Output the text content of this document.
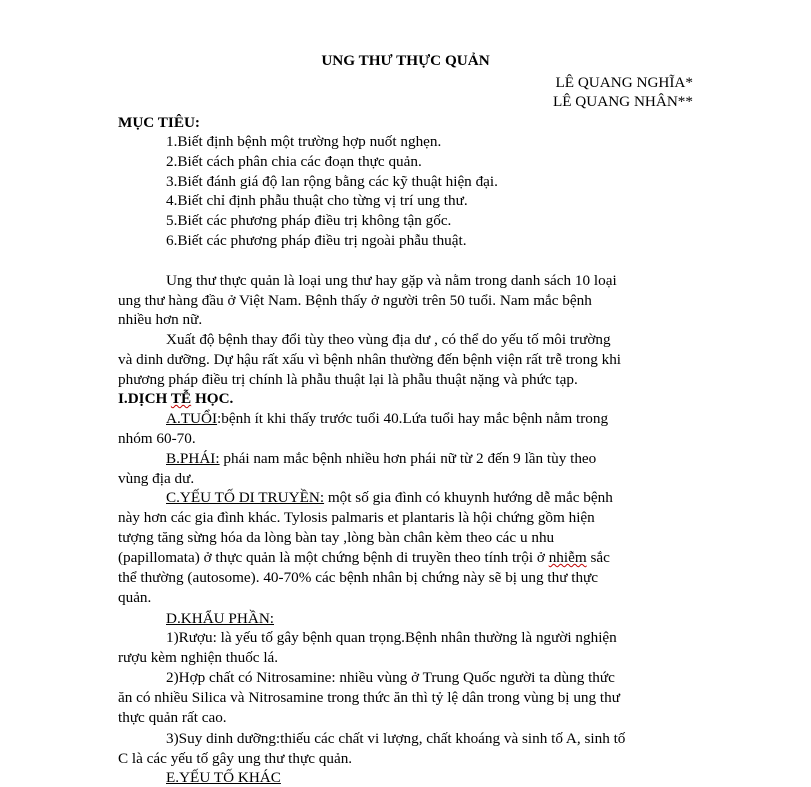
UNG THƯ THỰC QUẢN
LÊ QUANG NGHĨA*
LÊ QUANG NHÂN**
MỤC TIÊU:
1.Biết định bệnh một trường hợp nuốt nghẹn.
2.Biết cách phân chia các đoạn thực quản.
3.Biết đánh giá độ lan rộng bằng các kỹ thuật hiện đại.
4.Biết chỉ định phẫu thuật cho từng vị trí ung thư.
5.Biết các phương pháp điều trị không tận gốc.
6.Biết các phương pháp điều trị ngoài phẫu thuật.
Ung thư thực quản là loại ung thư hay gặp và nằm trong danh sách 10 loại
ung thư hàng đầu ở Việt Nam. Bệnh thấy ở người trên 50 tuổi. Nam mắc bệnh
nhiều hơn nữ.
Xuất độ bệnh thay đổi tùy theo vùng địa dư , có thể do yếu tố môi trường
và dinh dưỡng. Dự hậu rất xấu vì bệnh nhân thường đến bệnh viện rất trễ trong khi
phương pháp điều trị chính là phẫu thuật lại là phẫu thuật nặng và phức tạp.
I.DỊCH TỄ HỌC.
A.TUỔI:bệnh ít khi thấy trước tuổi 40.Lứa tuổi hay mắc bệnh nằm trong
nhóm 60-70.
B.PHÁI: phái nam mắc bệnh nhiều hơn phái nữ từ 2 đến 9 lần tùy theo
vùng địa dư.
C.YẾU TỐ DI TRUYỀN: một số gia đình có khuynh hướng dễ mắc bệnh
này hơn các gia đình khác. Tylosis palmaris et plantaris là hội chứng gồm hiện
tượng tăng sừng hóa da lòng bàn tay ,lòng bàn chân kèm theo các u nhu
(papillomata) ở thực quản là một chứng bệnh di truyền theo tính trội ở nhiễm sắc
thể thường (autosome). 40-70% các bệnh nhân bị chứng này sẽ bị ung thư thực
quản.
D.KHẨU PHẦN:
1)Rượu: là yếu tố gây bệnh quan trọng.Bệnh nhân thường là người nghiện
rượu kèm nghiện thuốc lá.
2)Hợp chất có Nitrosamine: nhiều vùng ở Trung Quốc người ta dùng thức
ăn có nhiều Silica và Nitrosamine trong thức ăn thì tỷ lệ dân trong vùng bị ung thư
thực quản rất cao.
3)Suy dinh dưỡng:thiếu các chất vi lượng, chất khoáng và sinh tố A, sinh tố
C là các yếu tố gây ung thư thực quản.
E.YẾU TỐ KHÁC
